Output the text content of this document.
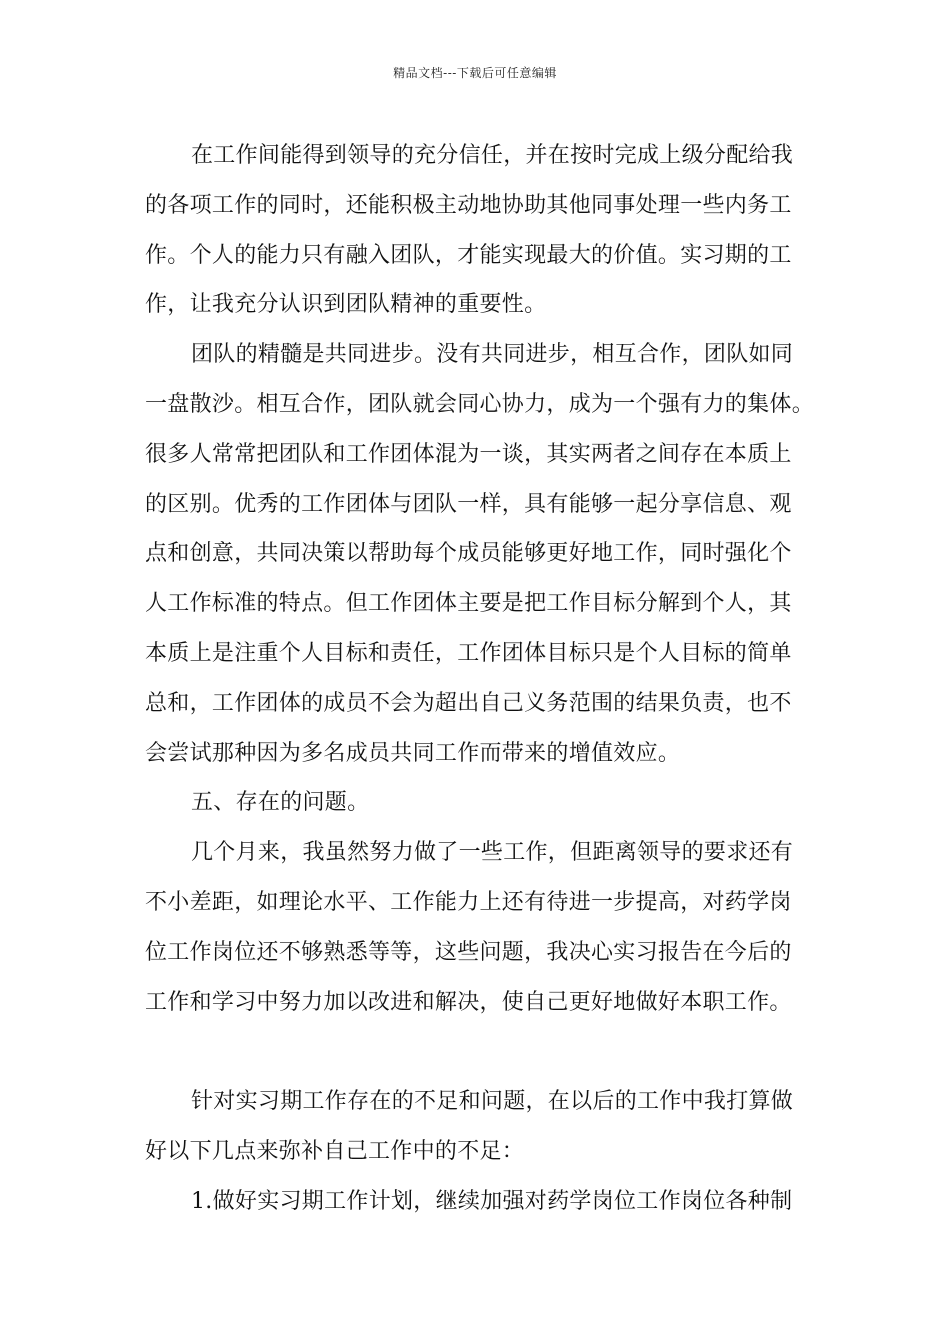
精品文档---下载后可任意编辑
在工作间能得到领导的充分信任，并在按时完成上级分配给我
的各项工作的同时，还能积极主动地协助其他同事处理一些内务工
作。个人的能力只有融入团队，才能实现最大的价值。实习期的工
作，让我充分认识到团队精神的重要性。
团队的精髓是共同进步。没有共同进步，相互合作，团队如同
一盘散沙。相互合作，团队就会同心协力，成为一个强有力的集体。
很多人常常把团队和工作团体混为一谈，其实两者之间存在本质上
的区别。优秀的工作团体与团队一样，具有能够一起分享信息、观
点和创意，共同决策以帮助每个成员能够更好地工作，同时强化个
人工作标准的特点。但工作团体主要是把工作目标分解到个人，其
本质上是注重个人目标和责任，工作团体目标只是个人目标的简单
总和，工作团体的成员不会为超出自己义务范围的结果负责，也不
会尝试那种因为多名成员共同工作而带来的增值效应。
五、存在的问题。
几个月来，我虽然努力做了一些工作，但距离领导的要求还有
不小差距，如理论水平、工作能力上还有待进一步提高，对药学岗
位工作岗位还不够熟悉等等，这些问题，我决心实习报告在今后的
工作和学习中努力加以改进和解决，使自己更好地做好本职工作。
针对实习期工作存在的不足和问题，在以后的工作中我打算做
好以下几点来弥补自己工作中的不足：
1.做好实习期工作计划，继续加强对药学岗位工作岗位各种制
